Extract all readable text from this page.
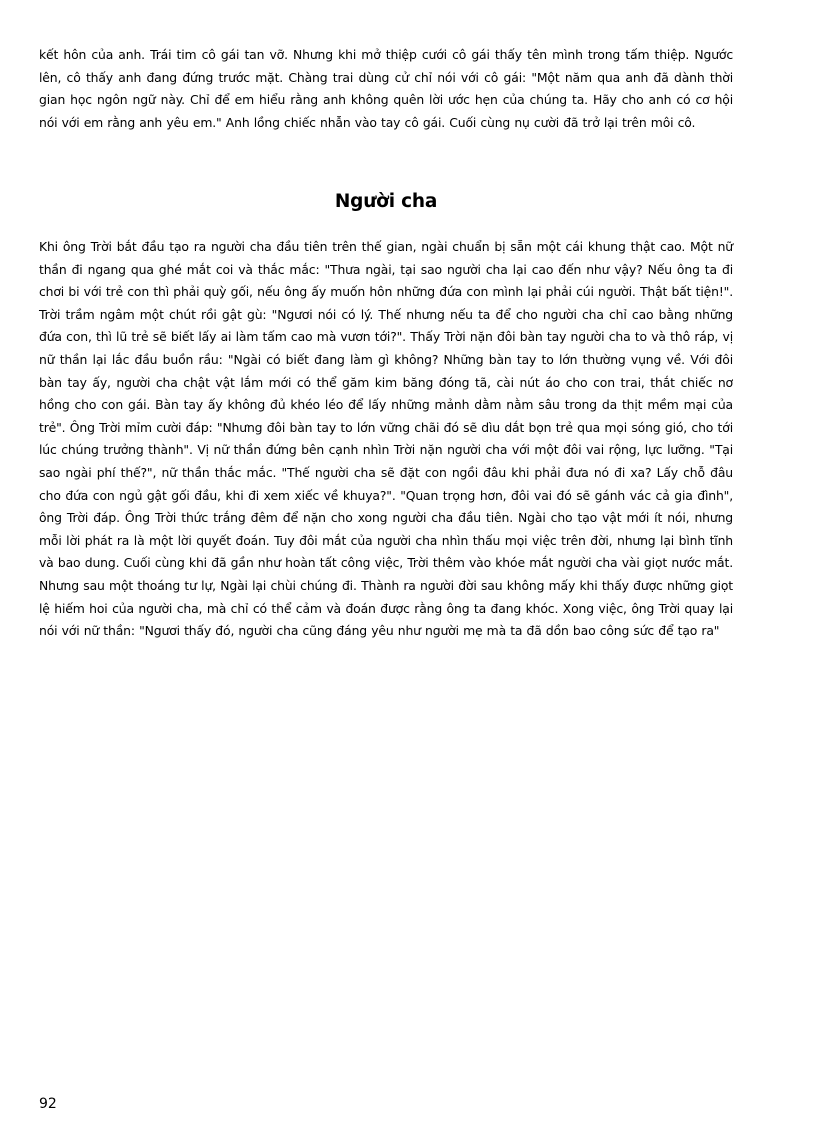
kết hôn của anh. Trái tim cô gái tan vỡ. Nhưng khi mở thiệp cưới cô gái thấy tên mình trong tấm thiệp. Ngước lên, cô thấy anh đang đứng trước mặt. Chàng trai dùng cử chỉ nói với cô gái: "Một năm qua anh đã dành thời gian học ngôn ngữ này. Chỉ để em hiểu rằng anh không quên lời ước hẹn của chúng ta. Hãy cho anh có cơ hội nói với em rằng anh yêu em." Anh lồng chiếc nhẫn vào tay cô gái. Cuối cùng nụ cười đã trở lại trên môi cô.

Người cha

Khi ông Trời bắt đầu tạo ra người cha đầu tiên trên thế gian, ngài chuẩn bị sẵn một cái khung thật cao. Một nữ thần đi ngang qua ghé mắt coi và thắc mắc: "Thưa ngài, tại sao người cha lại cao đến như vậy? Nếu ông ta đi chơi bi với trẻ con thì phải quỳ gối, nếu ông ấy muốn hôn những đứa con mình lại phải cúi người. Thật bất tiện!". Trời trầm ngâm một chút rồi gật gù: "Ngươi nói có lý. Thế nhưng nếu ta để cho người cha chỉ cao bằng những đứa con, thì lũ trẻ sẽ biết lấy ai làm tấm cao mà vươn tới?". Thấy Trời nặn đôi bàn tay người cha to và thô ráp, vị nữ thần lại lắc đầu buồn rầu: "Ngài có biết đang làm gì không? Những bàn tay to lớn thường vụng về. Với đôi bàn tay ấy, người cha chật vật lắm mới có thể găm kim băng đóng tã, cài nút áo cho con trai, thắt chiếc nơ hồng cho con gái. Bàn tay ấy không đủ khéo léo để lấy những mảnh dằm nằm sâu trong da thịt mềm mại của trẻ". Ông Trời mỉm cười đáp: "Nhưng đôi bàn tay to lớn vững chãi đó sẽ dìu dắt bọn trẻ qua mọi sóng gió, cho tới lúc chúng trưởng thành". Vị nữ thần đứng bên cạnh nhìn Trời nặn người cha với một đôi vai rộng, lực lưỡng. "Tại sao ngài phí thế?", nữ thần thắc mắc. "Thế người cha sẽ đặt con ngồi đâu khi phải đưa nó đi xa? Lấy chỗ đâu cho đứa con ngủ gật gối đầu, khi đi xem xiếc về khuya?". "Quan trọng hơn, đôi vai đó sẽ gánh vác cả gia đình", ông Trời đáp. Ông Trời thức trắng đêm để nặn cho xong người cha đầu tiên. Ngài cho tạo vật mới ít nói, nhưng mỗi lời phát ra là một lời quyết đoán. Tuy đôi mắt của người cha nhìn thấu mọi việc trên đời, nhưng lại bình tĩnh và bao dung. Cuối cùng khi đã gần như hoàn tất công việc, Trời thêm vào khóe mắt người cha vài giọt nước mắt. Nhưng sau một thoáng tư lự, Ngài lại chùi chúng đi. Thành ra người đời sau không mấy khi thấy được những giọt lệ hiếm hoi của người cha, mà chỉ có thể cảm và đoán được rằng ông ta đang khóc. Xong việc, ông Trời quay lại nói với nữ thần: "Ngươi thấy đó, người cha cũng đáng yêu như người mẹ mà ta đã dồn bao công sức để tạo ra"

92
